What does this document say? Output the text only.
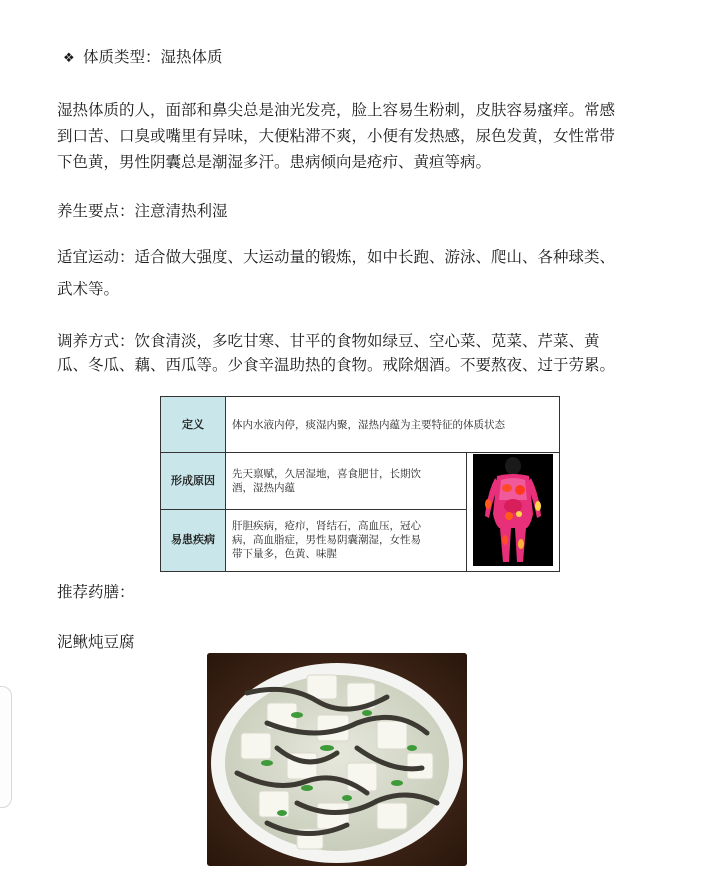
❖ 体质类型：湿热体质

湿热体质的人，面部和鼻尖总是油光发亮，脸上容易生粉刺，皮肤容易瘙痒。常感
到口苦、口臭或嘴里有异味，大便粘滞不爽，小便有发热感，尿色发黄，女性常带
下色黄，男性阴囊总是潮湿多汗。患病倾向是疮疖、黄疸等病。

养生要点：注意清热利湿

适宜运动：适合做大强度、大运动量的锻炼，如中长跑、游泳、爬山、各种球类、
武术等。
调养方式：饮食清淡，多吃甘寒、甘平的食物如绿豆、空心菜、苋菜、芹菜、黄
瓜、冬瓜、藕、西瓜等。少食辛温助热的食物。戒除烟酒。不要熬夜、过于劳累。
定义	体内水液内停，痰湿内聚，湿热内蕴为主要特征的体质状态	
形成原因	先天禀赋，久居湿地，喜食肥甘，长期饮
酒，湿热内蕴

易患疾病	肝胆疾病，疮疖，肾结石，高血压，冠心
病，高血脂症，男性易阴囊潮湿，女性易
带下量多，色黄、味腥	

推荐药膳：

泥鳅炖豆腐
